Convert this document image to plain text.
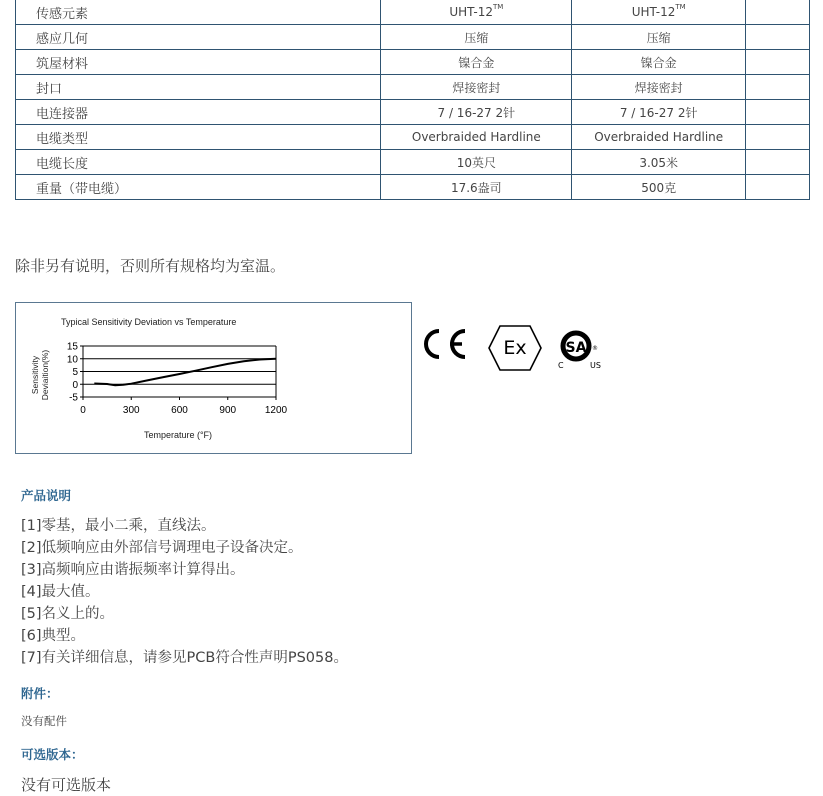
传感元素	UHT-12™	UHT-12™	
感应几何	压缩	压缩	
筑屋材料	镍合金	镍合金	
封口	焊接密封	焊接密封	
电连接器	7 / 16-27 2针	7 / 16-27 2针	
电缆类型	Overbraided Hardline	Overbraided Hardline	
电缆长度	10英尺	3.05米	
重量（带电缆）	17.6盎司	500克	
除非另有说明，否则所有规格均为室温。
Typical Sensitivity Deviation vs Temperature
15
10
5
0
-5
0	300	600	900	1200
Sensitivity Deviaition(%)
Temperature (°F)
Ex	SA ®
C	US
产品说明
[1]零基，最小二乘，直线法。
[2]低频响应由外部信号调理电子设备决定。
[3]高频响应由谐振频率计算得出。
[4]最大值。
[5]名义上的。
[6]典型。
[7]有关详细信息，请参见PCB符合性声明PS058。
附件：
没有配件
可选版本：
没有可选版本
